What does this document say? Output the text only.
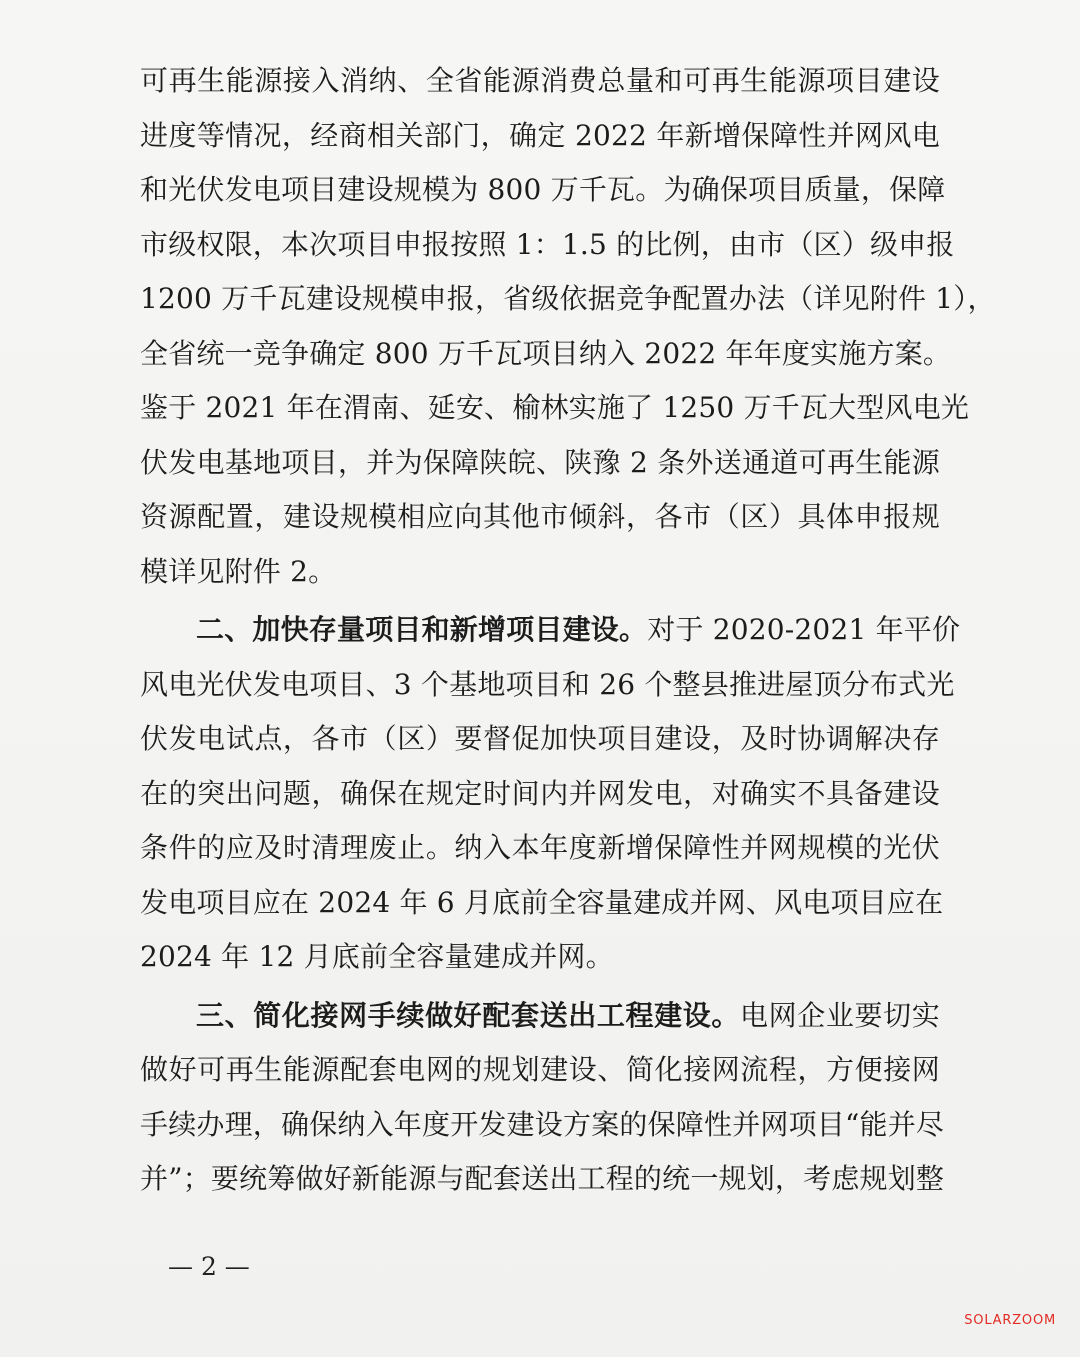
可再生能源接入消纳、全省能源消费总量和可再生能源项目建设
进度等情况，经商相关部门，确定 2022 年新增保障性并网风电
和光伏发电项目建设规模为 800 万千瓦。为确保项目质量，保障
市级权限，本次项目申报按照 1：1.5 的比例，由市（区）级申报
1200 万千瓦建设规模申报，省级依据竞争配置办法（详见附件 1），
全省统一竞争确定 800 万千瓦项目纳入 2022 年年度实施方案。
鉴于 2021 年在渭南、延安、榆林实施了 1250 万千瓦大型风电光
伏发电基地项目，并为保障陕皖、陕豫 2 条外送通道可再生能源
资源配置，建设规模相应向其他市倾斜，各市（区）具体申报规
模详见附件 2。
二、加快存量项目和新增项目建设。对于 2020-2021 年平价
风电光伏发电项目、3 个基地项目和 26 个整县推进屋顶分布式光
伏发电试点，各市（区）要督促加快项目建设，及时协调解决存
在的突出问题，确保在规定时间内并网发电，对确实不具备建设
条件的应及时清理废止。纳入本年度新增保障性并网规模的光伏
发电项目应在 2024 年 6 月底前全容量建成并网、风电项目应在
2024 年 12 月底前全容量建成并网。
三、简化接网手续做好配套送出工程建设。电网企业要切实
做好可再生能源配套电网的规划建设、简化接网流程，方便接网
手续办理，确保纳入年度开发建设方案的保障性并网项目“能并尽
并”；要统筹做好新能源与配套送出工程的统一规划，考虑规划整
— 2 —
SOLARZOOM
